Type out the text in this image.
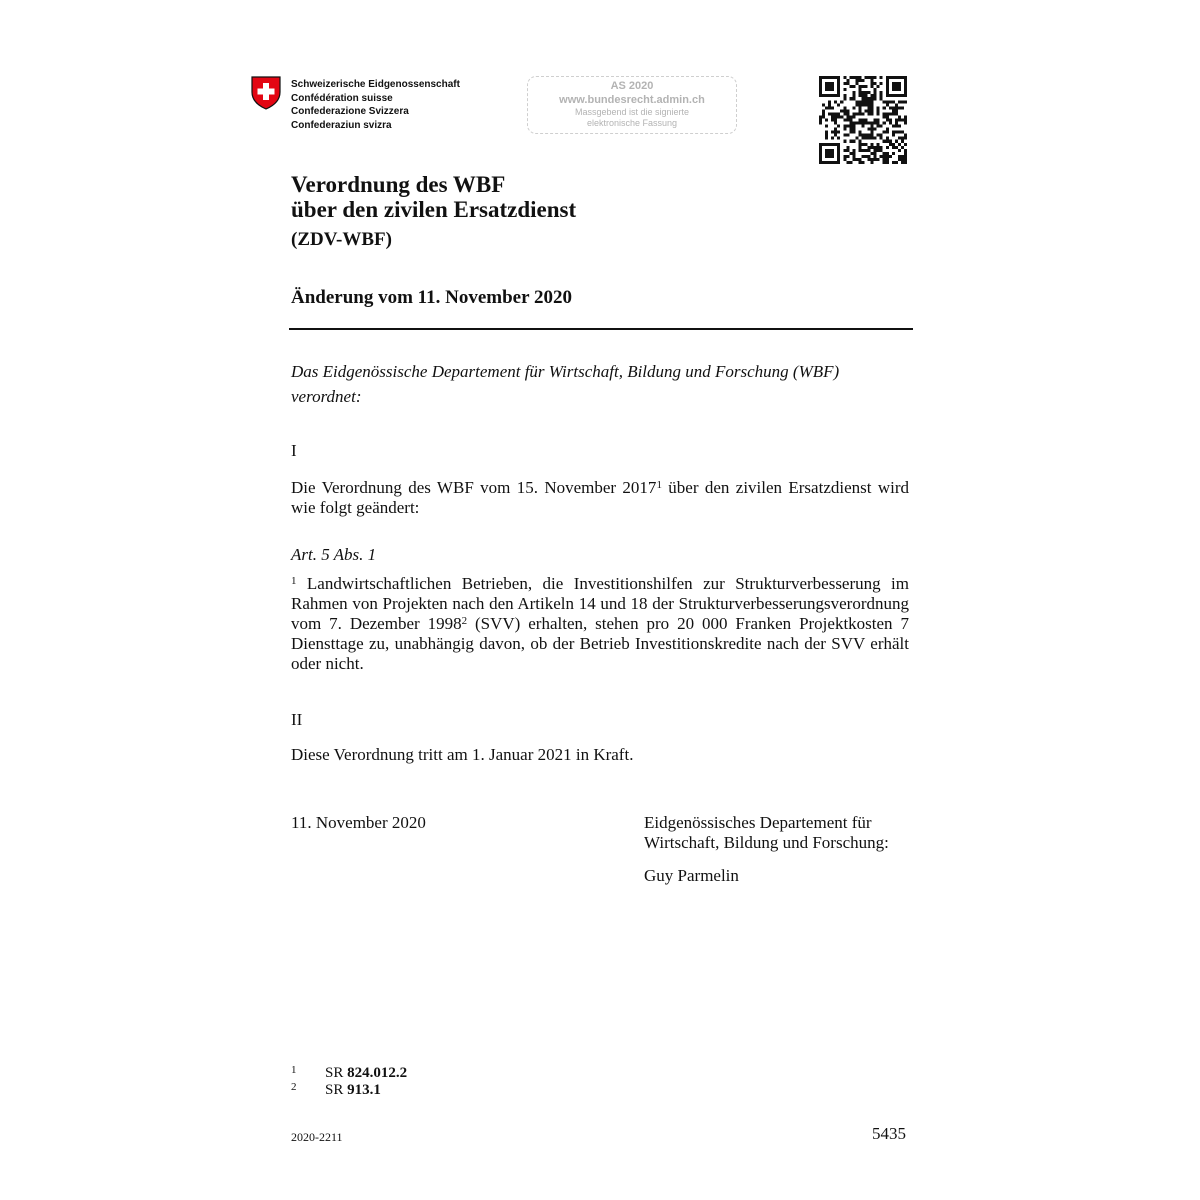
Schweizerische Eidgenossenschaft
Confédération suisse
Confederazione Svizzera
Confederaziun svizra
AS 2020
www.bundesrecht.admin.ch
Massgebend ist die signierte
elektronische Fassung
Verordnung des WBF
über den zivilen Ersatzdienst
(ZDV-WBF)
Änderung vom 11. November 2020
Das Eidgenössische Departement für Wirtschaft, Bildung und Forschung (WBF) verordnet:
I
Die Verordnung des WBF vom 15. November 2017$^1$ über den zivilen Ersatzdienst wird wie folgt geändert:
Art. 5 Abs. 1
$^1$ Landwirtschaftlichen Betrieben, die Investitionshilfen zur Strukturverbesserung im Rahmen von Projekten nach den Artikeln 14 und 18 der Strukturverbesserungsverordnung vom 7. Dezember 1998$^2$ (SVV) erhalten, stehen pro 20 000 Franken Projektkosten 7 Diensttage zu, unabhängig davon, ob der Betrieb Investitionskredite nach der SVV erhält oder nicht.
II
Diese Verordnung tritt am 1. Januar 2021 in Kraft.
11. November 2020	Eidgenössisches Departement für
Wirtschaft, Bildung und Forschung:
Guy Parmelin
1 SR 824.012.2
2 SR 913.1
2020-2211	5435
